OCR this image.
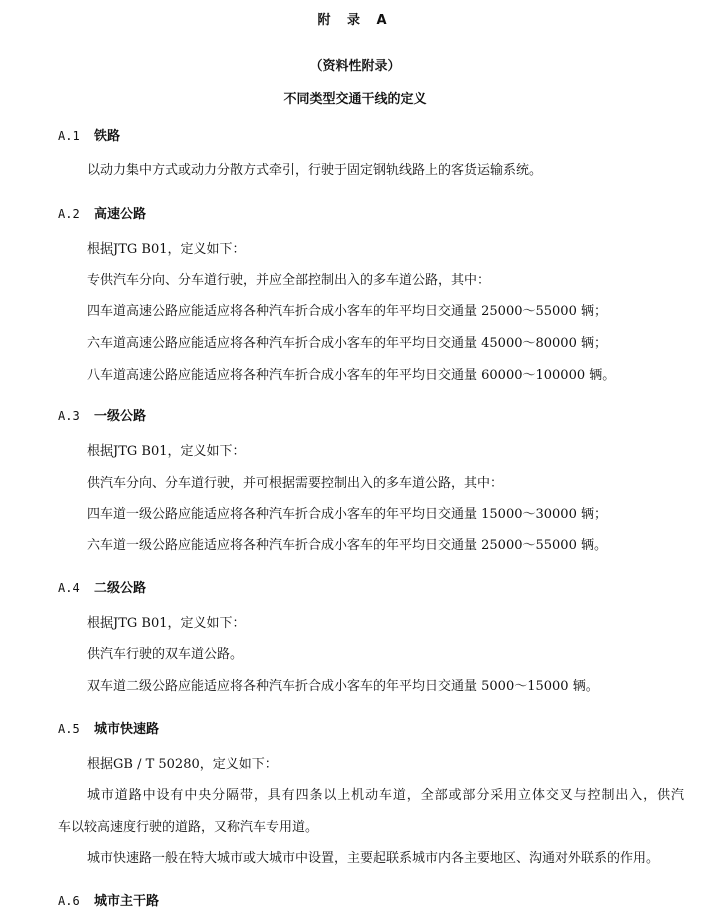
附 录 A
（资料性附录）
不同类型交通干线的定义
A.1 铁路
以动力集中方式或动力分散方式牵引，行驶于固定钢轨线路上的客货运输系统。
A.2 高速公路
根据JTG B01，定义如下：
专供汽车分向、分车道行驶，并应全部控制出入的多车道公路，其中：
四车道高速公路应能适应将各种汽车折合成小客车的年平均日交通量 25000～55000 辆；
六车道高速公路应能适应将各种汽车折合成小客车的年平均日交通量 45000～80000 辆；
八车道高速公路应能适应将各种汽车折合成小客车的年平均日交通量 60000～100000 辆。
A.3 一级公路
根据JTG B01，定义如下：
供汽车分向、分车道行驶，并可根据需要控制出入的多车道公路，其中：
四车道一级公路应能适应将各种汽车折合成小客车的年平均日交通量 15000～30000 辆；
六车道一级公路应能适应将各种汽车折合成小客车的年平均日交通量 25000～55000 辆。
A.4 二级公路
根据JTG B01，定义如下：
供汽车行驶的双车道公路。
双车道二级公路应能适应将各种汽车折合成小客车的年平均日交通量 5000～15000 辆。
A.5 城市快速路
根据GB / T 50280，定义如下：
城市道路中设有中央分隔带，具有四条以上机动车道，全部或部分采用立体交叉与控制出入，供汽
车以较高速度行驶的道路，又称汽车专用道。
城市快速路一般在特大城市或大城市中设置，主要起联系城市内各主要地区、沟通对外联系的作用。
A.6 城市主干路
